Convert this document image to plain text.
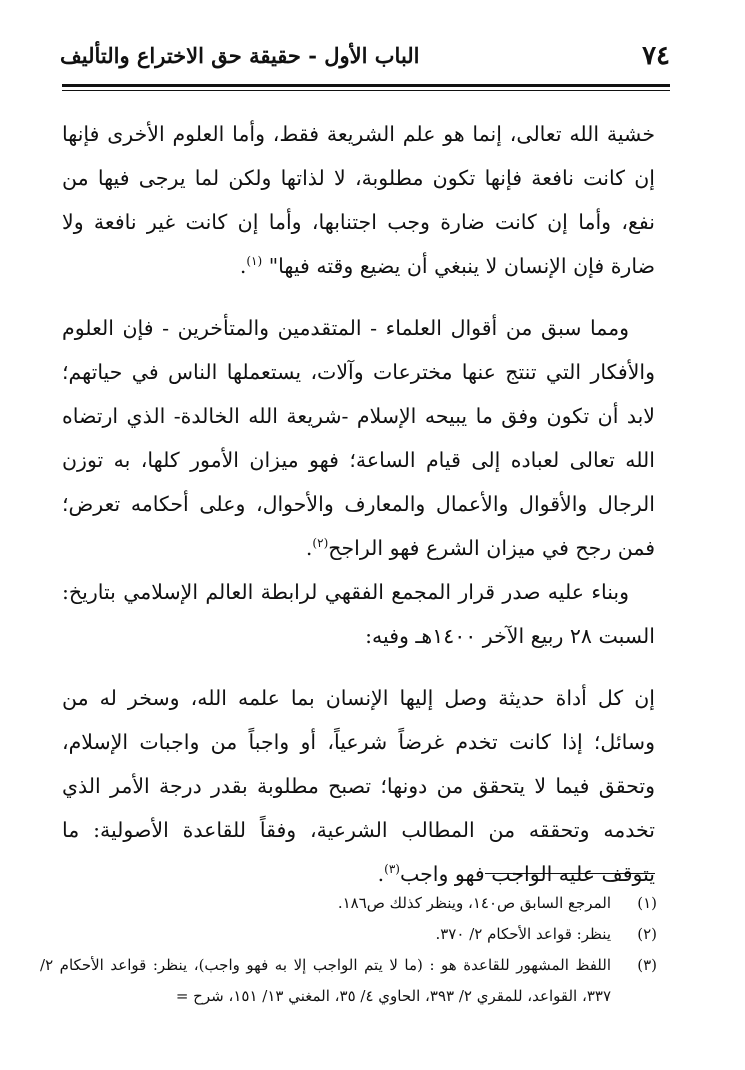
٧٤
الباب الأول - حقيقة حق الاختراع والتأليف

خشية الله تعالى، إنما هو علم الشريعة فقط، وأما العلوم الأخرى فإنها إن كانت نافعة فإنها تكون مطلوبة، لا لذاتها ولكن لما يرجى فيها من نفع، وأما إن كانت ضارة وجب اجتنابها، وأما إن كانت غير نافعة ولا ضارة فإن الإنسان لا ينبغي أن يضيع وقته فيها" $^{(١)}$.

ومما سبق من أقوال العلماء - المتقدمين والمتأخرين - فإن العلوم والأفكار التي تنتج عنها مخترعات وآلات، يستعملها الناس في حياتهم؛ لابد أن تكون وفق ما يبيحه الإسلام -شريعة الله الخالدة- الذي ارتضاه الله تعالى لعباده إلى قيام الساعة؛ فهو ميزان الأمور كلها، به توزن الرجال والأقوال والأعمال والمعارف والأحوال، وعلى أحكامه تعرض؛ فمن رجح في ميزان الشرع فهو الراجح$^{(٢)}$.

وبناء عليه صدر قرار المجمع الفقهي لرابطة العالم الإسلامي بتاريخ: السبت ٢٨ ربيع الآخر ١٤٠٠هـ وفيه:

إن كل أداة حديثة وصل إليها الإنسان بما علمه الله، وسخر له من وسائل؛ إذا كانت تخدم غرضاً شرعياً، أو واجباً من واجبات الإسلام، وتحقق فيما لا يتحقق من دونها؛ تصبح مطلوبة بقدر درجة الأمر الذي تخدمه وتحققه من المطالب الشرعية، وفقاً للقاعدة الأصولية: ما يتوقف عليه الواجب فهو واجب$^{(٣)}$.

(١)
المرجع السابق ص١٤٠، وينظر كذلك ص١٨٦.
(٢)
ينظر: قواعد الأحكام ٢/ ٣٧٠.
(٣)
اللفظ المشهور للقاعدة هو : (ما لا يتم الواجب إلا به فهو واجب)، ينظر: قواعد الأحكام ٢/ ٣٣٧، القواعد، للمقري ٢/ ٣٩٣، الحاوي ٤/ ٣٥، المغني ١٣/ ١٥١، شرح =
